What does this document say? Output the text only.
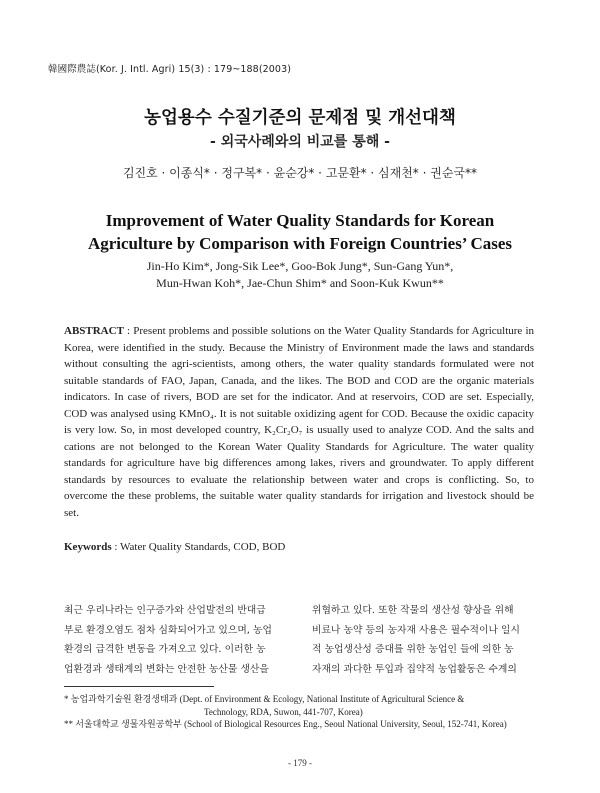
韓國際農誌(Kor. J. Intl. Agri) 15(3) : 179~188(2003)
농업용수 수질기준의 문제점 및 개선대책
- 외국사례와의 비교를 통해 -
김진호 · 이종식* · 정구복* · 윤순강* · 고문환* · 심재천* · 권순국**
Improvement of Water Quality Standards for Korean
Agriculture by Comparison with Foreign Countries’ Cases
Jin-Ho Kim*, Jong-Sik Lee*, Goo-Bok Jung*, Sun-Gang Yun*,
Mun-Hwan Koh*, Jae-Chun Shim* and Soon-Kuk Kwun**
ABSTRACT : Present problems and possible solutions on the Water Quality Standards for Agriculture in Korea, were identified in the study. Because the Ministry of Environment made the laws and standards without consulting the agri-scientists, among others, the water quality standards formulated were not suitable standards of FAO, Japan, Canada, and the likes. The BOD and COD are the organic materials indicators. In case of rivers, BOD are set for the indicator. And at reservoirs, COD are set. Especially, COD was analysed using KMnO₄. It is not suitable oxidizing agent for COD. Because the oxidic capacity is very low. So, in most developed country, K₂Cr₂O₇ is usually used to analyze COD. And the salts and cations are not belonged to the Korean Water Quality Standards for Agriculture. The water quality standards for agriculture have big differences among lakes, rivers and groundwater. To apply different standards by resources to evaluate the relationship between water and crops is conflicting. So, to overcome the these problems, the suitable water quality standards for irrigation and livestock should be set.
Keywords : Water Quality Standards, COD, BOD
최근 우리나라는 인구증가와 산업발전의 반대급
부로 환경오염도 점차 심화되어가고 있으며, 농업
환경의 급격한 변동을 가져오고 있다. 이러한 농
업환경과 생태계의 변화는 안전한 농산물 생산을
위협하고 있다. 또한 작물의 생산성 향상을 위해
비료나 농약 등의 농자재 사용은 필수적이나 일시
적 농업생산성 증대를 위한 농업인 들에 의한 농
자재의 과다한 투입과 집약적 농업활동은 수계의
* 농업과학기술원 환경생태과 (Dept. of Environment & Ecology, National Institute of Agricultural Science &
Technology, RDA, Suwon, 441-707, Korea)
** 서울대학교 생물자원공학부 (School of Biological Resources Eng., Seoul National University, Seoul, 152-741, Korea)
- 179 -
